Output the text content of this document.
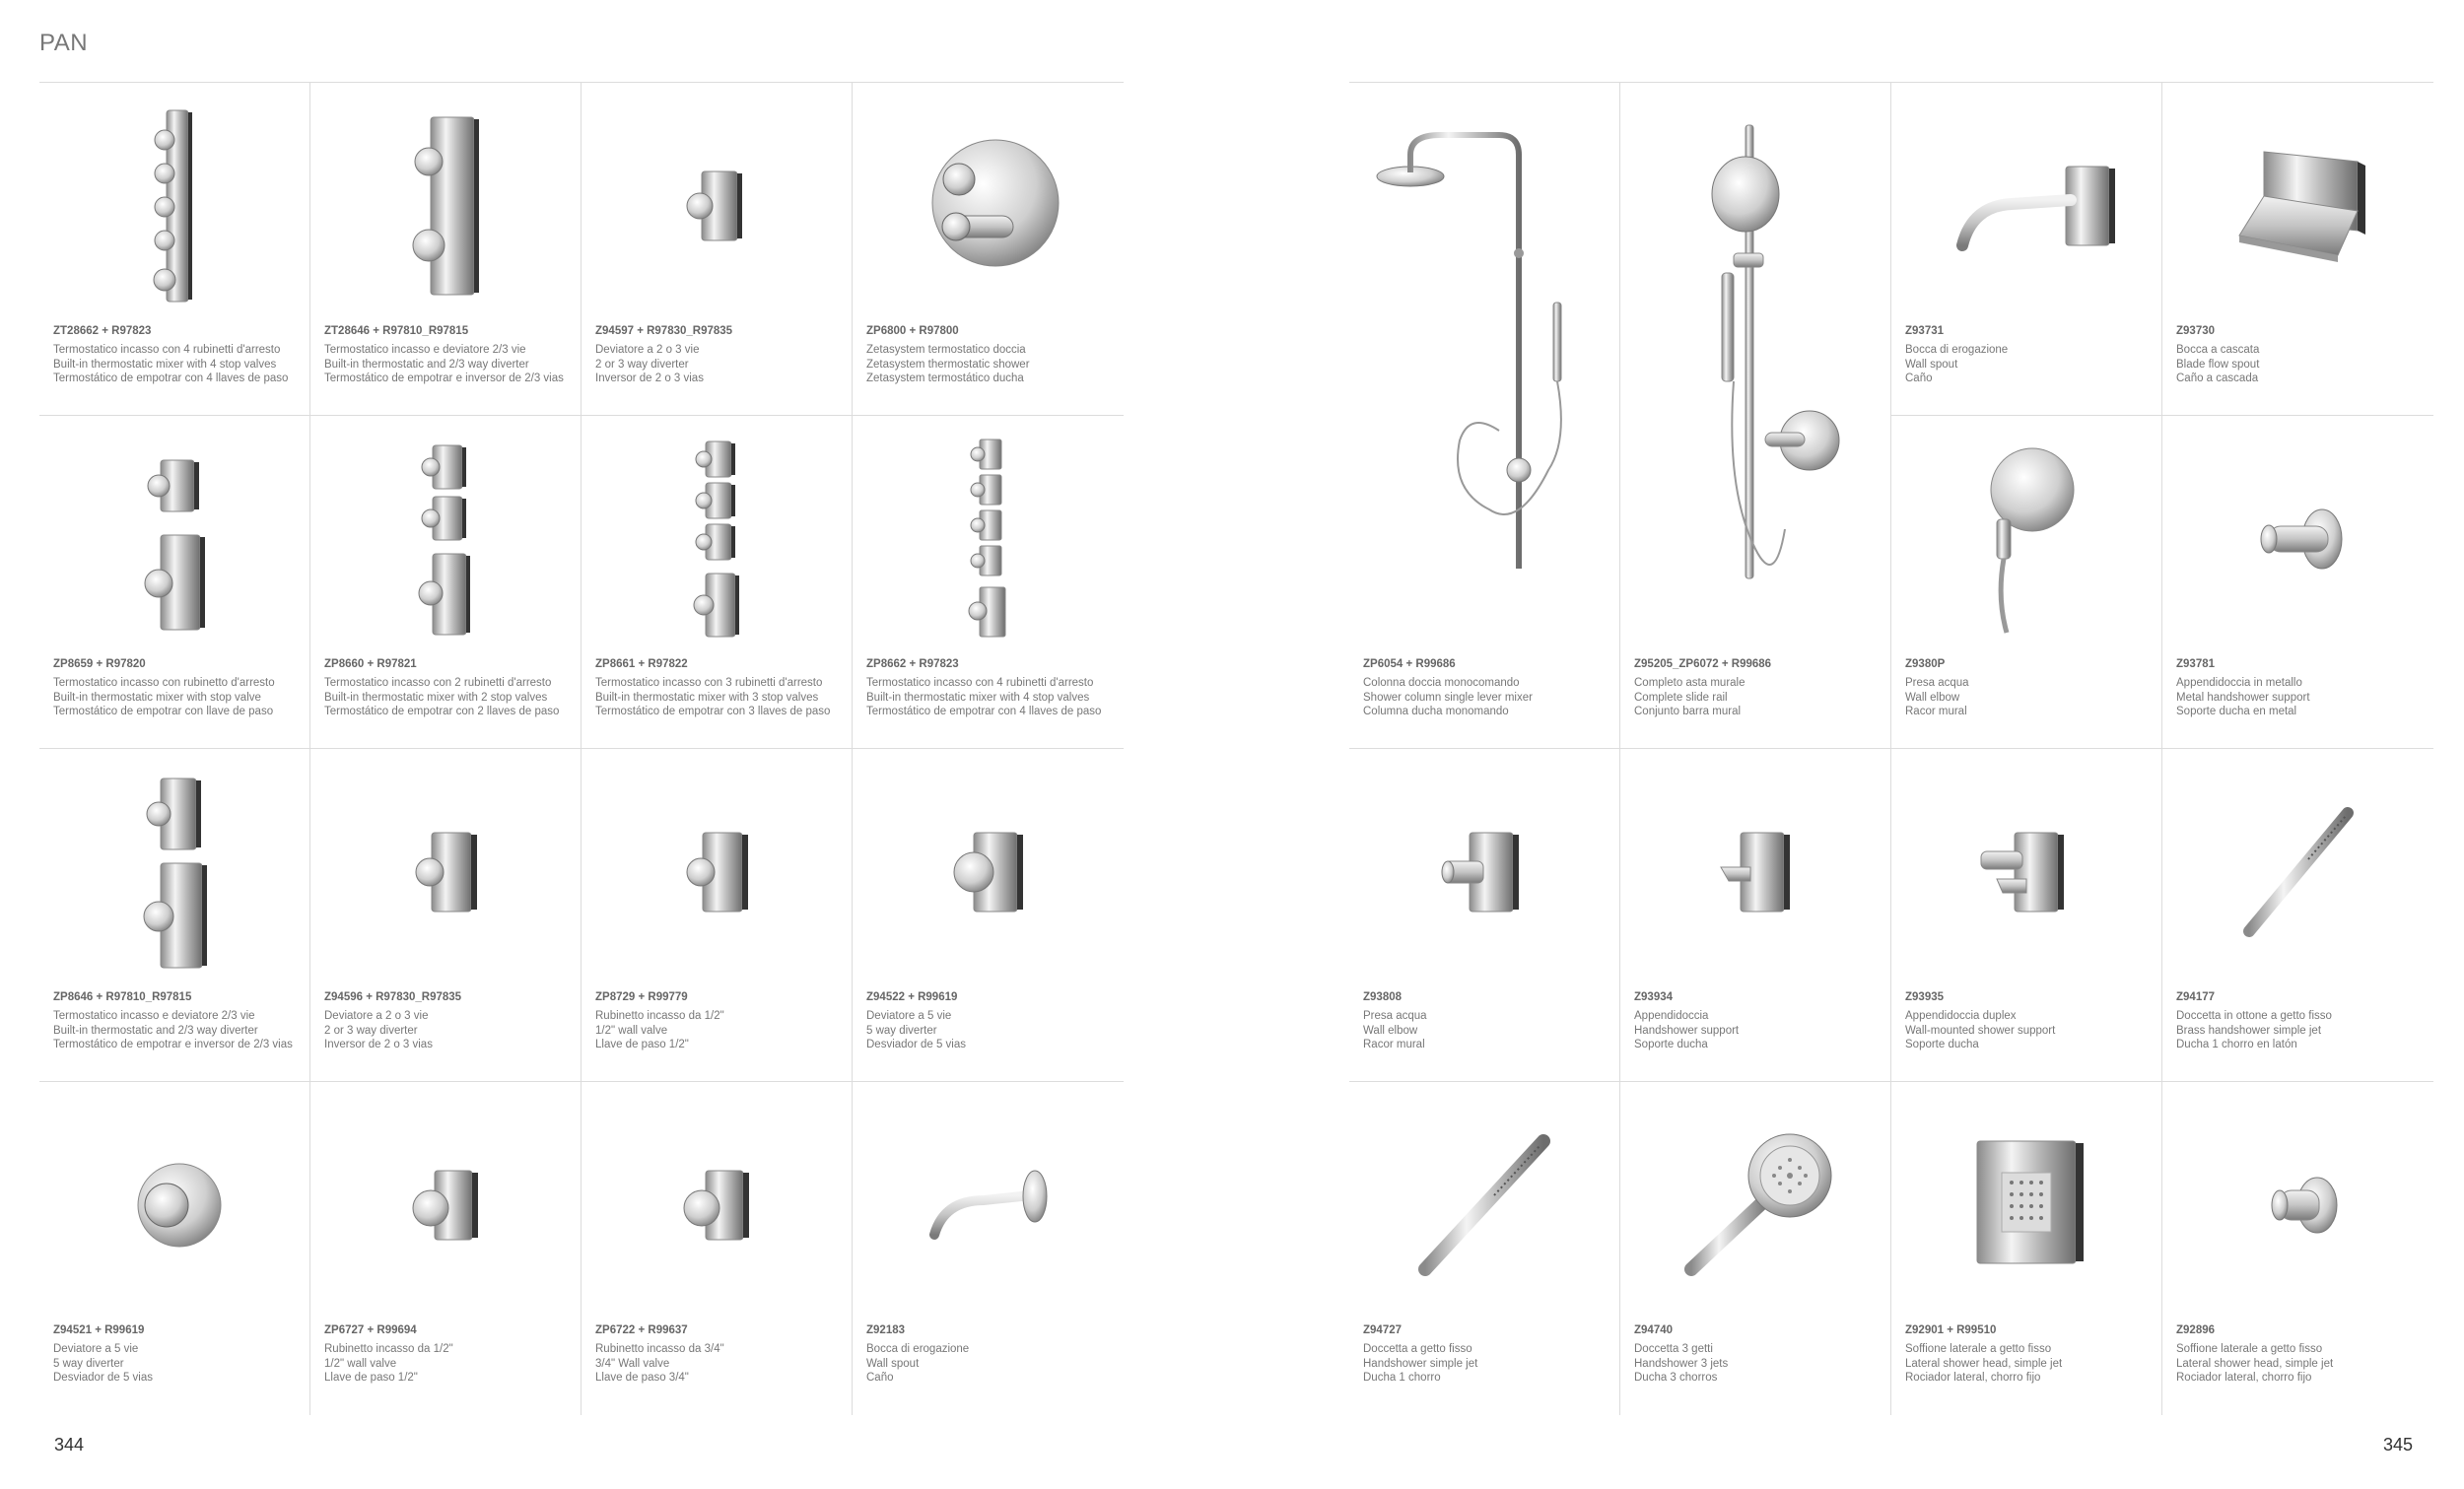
PAN
ZT28662 + R97823
Termostatico incasso con 4 rubinetti d'arresto
Built-in thermostatic mixer with 4 stop valves
Termostático de empotrar con 4 llaves de paso
ZT28646 + R97810_R97815
Termostatico incasso e deviatore 2/3 vie
Built-in thermostatic and 2/3 way diverter
Termostático de empotrar e inversor de 2/3 vias
Z94597 + R97830_R97835
Deviatore a 2 o 3 vie
2 or 3 way diverter
Inversor de 2 o 3 vias
ZP6800 + R97800
Zetasystem termostatico doccia
Zetasystem thermostatic shower
Zetasystem termostático ducha
ZP8659 + R97820
Termostatico incasso con rubinetto d'arresto
Built-in thermostatic mixer with stop valve
Termostático de empotrar con llave de paso
ZP8660 + R97821
Termostatico incasso con 2 rubinetti d'arresto
Built-in thermostatic mixer with 2 stop valves
Termostático de empotrar con 2 llaves de paso
ZP8661 + R97822
Termostatico incasso con 3 rubinetti d'arresto
Built-in thermostatic mixer with 3 stop valves
Termostático de empotrar con 3 llaves de paso
ZP8662 + R97823
Termostatico incasso con 4 rubinetti d'arresto
Built-in thermostatic mixer with 4 stop valves
Termostático de empotrar con 4 llaves de paso
ZP8646 + R97810_R97815
Termostatico incasso e deviatore 2/3 vie
Built-in thermostatic and 2/3 way diverter
Termostático de empotrar e inversor de 2/3 vias
Z94596 + R97830_R97835
Deviatore a 2 o 3 vie
2 or 3 way diverter
Inversor de 2 o 3 vias
ZP8729 + R99779
Rubinetto incasso da 1/2"
1/2" wall valve
Llave de paso 1/2"
Z94522 + R99619
Deviatore a 5 vie
5 way diverter
Desviador de 5 vias
Z94521 + R99619
Deviatore a 5 vie
5 way diverter
Desviador de 5 vias
ZP6727 + R99694
Rubinetto incasso da 1/2"
1/2" wall valve
Llave de paso 1/2"
ZP6722 + R99637
Rubinetto incasso da 3/4"
3/4" Wall valve
Llave de paso 3/4"
Z92183
Bocca di erogazione
Wall spout
Caño
ZP6054 + R99686
Colonna doccia monocomando
Shower column single lever mixer
Columna ducha monomando
Z95205_ZP6072 + R99686
Completo asta murale
Complete slide rail
Conjunto barra mural
Z93731
Bocca di erogazione
Wall spout
Caño
Z93730
Bocca a cascata
Blade flow spout
Caño a cascada
Z9380P
Presa acqua
Wall elbow
Racor mural
Z93781
Appendidoccia in metallo
Metal handshower support
Soporte ducha en metal
Z93808
Presa acqua
Wall elbow
Racor mural
Z93934
Appendidoccia
Handshower support
Soporte ducha
Z93935
Appendidoccia duplex
Wall-mounted shower support
Soporte ducha
Z94177
Doccetta in ottone a getto fisso
Brass handshower simple jet
Ducha 1 chorro en latón
Z94727
Doccetta a getto fisso
Handshower simple jet
Ducha 1 chorro
Z94740
Doccetta 3 getti
Handshower 3 jets
Ducha 3 chorros
Z92901 + R99510
Soffione laterale a getto fisso
Lateral shower head, simple jet
Rociador lateral, chorro fijo
Z92896
Soffione laterale a getto fisso
Lateral shower head, simple jet
Rociador lateral, chorro fijo
344	345
